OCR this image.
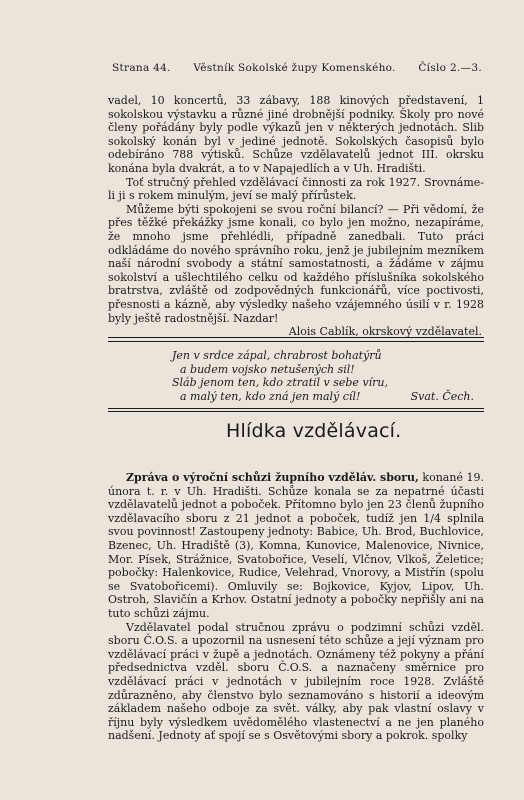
Strana 44. Věstník Sokolské župy Komenského. Číslo 2.—3.

vadel, 10 koncertů, 33 zábavy, 188 kinových představení, 1 sokolskou výstavku a různé jiné drobnější podniky. Školy pro nové členy pořádány byly podle výkazů jen v některých jednotách. Slib sokolský konán byl v jediné jednotě. Sokolských časopisů bylo odebíráno 788 výtisků. Schůze vzdělavatelů jednot III. okrsku konána byla dvakrát, a to v Napajedlích a v Uh. Hradišti.

Toť stručný přehled vzdělávací činnosti za rok 1927. Srovnáme-li ji s rokem minulým, jeví se malý přírůstek.

Můžeme býti spokojeni se svou roční bilancí? — Při vědomí, že přes těžké překážky jsme konali, co bylo jen možno, nezapíráme, že mnoho jsme přehlédli, případně zanedbali. Tuto práci odkládáme do nového správního roku, jenž je jubilejním mezníkem naší národní svobody a státní samostatnosti, a žádáme v zájmu sokolství a ušlechtilého celku od každého příslušníka sokolského bratrstva, zvláště od zodpovědných funkcionářů, více poctivosti, přesnosti a kázně, aby výsledky našeho vzájemného úsilí v r. 1928 byly ještě radostnější. Nazdar!

Alois Cablík, okrskový vzdělavatel.

Jen v srdce zápal, chrabrost bohatýrů
a budem vojsko netušených sil!
Sláb jenom ten, kdo ztratil v sebe víru,
a malý ten, kdo zná jen malý cíl!	Svat. Čech.
Hlídka vzdělávací.

Zpráva o výroční schůzi župního vzděláv. sboru, konané 19. února t. r. v Uh. Hradišti. Schůze konala se za nepatrné účasti vzdělavatelů jednot a poboček. Přítomno bylo jen 23 členů župního vzdělavacího sboru z 21 jednot a poboček, tudíž jen 1/4 splnila svou povinnost! Zastoupeny jednoty: Babice, Uh. Brod, Buchlovice, Bzenec, Uh. Hradiště (3), Komna, Kunovice, Malenovice, Nivnice, Mor. Písek, Strážnice, Svatobořice, Veselí, Vlčnov, Vlkoš, Želetice; pobočky: Halenkovice, Rudice, Velehrad, Vnorovy, a Mistřín (spolu se Svatobořicemi). Omluvily se: Bojkovice, Kyjov, Lipov, Uh. Ostroh, Slavičín a Krhov. Ostatní jednoty a pobočky nepřišly ani na tuto schůzi zájmu.

Vzdělavatel podal stručnou zprávu o podzimní schůzi vzděl. sboru Č.O.S. a upozornil na usnesení této schůze a její význam pro vzdělávací práci v župě a jednotách. Oznámeny též pokyny a přání předsednictva vzděl. sboru Č.O.S. a naznačeny směrnice pro vzdělávací práci v jednotách v jubilejním roce 1928. Zvláště zdůrazněno, aby členstvo bylo seznamováno s historií a ideovým základem našeho odboje za svět. války, aby pak vlastní oslavy v říjnu byly výsledkem uvědomělého vlastenectví a ne jen planého nadšení. Jednoty ať spojí se s Osvětovými sbory a pokrok. spolky
